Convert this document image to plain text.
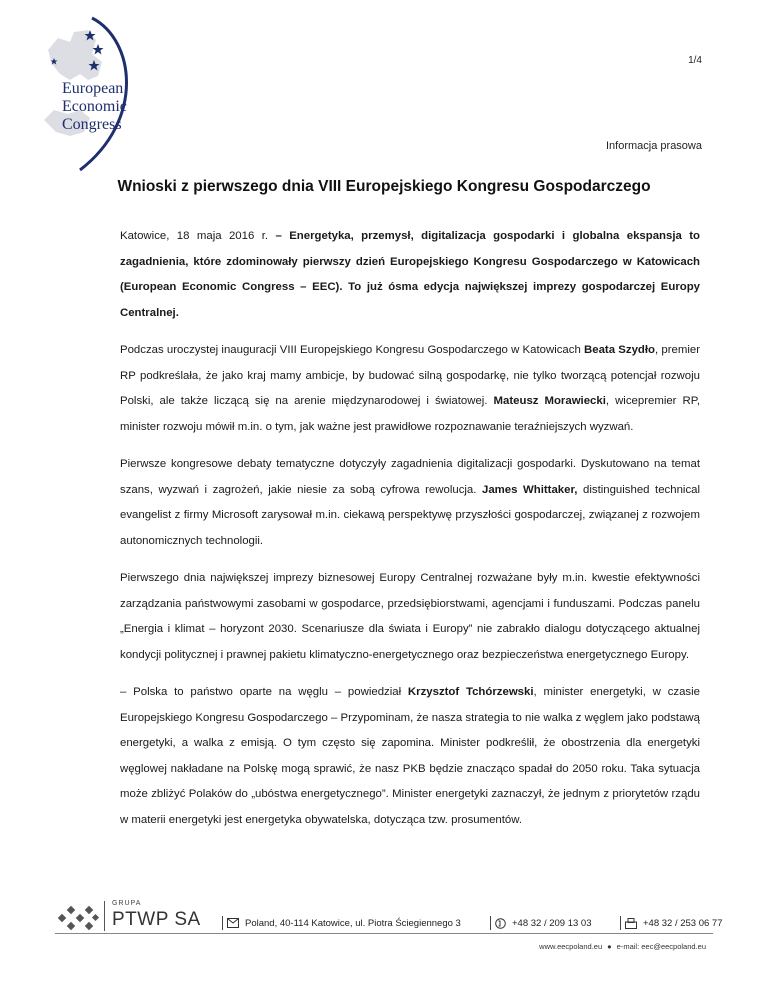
European
Economic
Congress
1/4
Informacja prasowa
Wnioski z pierwszego dnia VIII Europejskiego Kongresu Gospodarczego

Katowice, 18 maja 2016 r. – Energetyka, przemysł, digitalizacja gospodarki i globalna ekspansja to zagadnienia, które zdominowały pierwszy dzień Europejskiego Kongresu Gospodarczego w Katowicach (European Economic Congress – EEC). To już ósma edycja największej imprezy gospodarczej Europy Centralnej.

Podczas uroczystej inauguracji VIII Europejskiego Kongresu Gospodarczego w Katowicach Beata Szydło, premier RP podkreślała, że jako kraj mamy ambicje, by budować silną gospodarkę, nie tylko tworzącą potencjał rozwoju Polski, ale także liczącą się na arenie międzynarodowej i światowej. Mateusz Morawiecki, wicepremier RP, minister rozwoju mówił m.in. o tym, jak ważne jest prawidłowe rozpoznawanie teraźniejszych wyzwań.

Pierwsze kongresowe debaty tematyczne dotyczyły zagadnienia digitalizacji gospodarki. Dyskutowano na temat szans, wyzwań i zagrożeń, jakie niesie za sobą cyfrowa rewolucja. James Whittaker, distinguished technical evangelist z firmy Microsoft zarysował m.in. ciekawą perspektywę przyszłości gospodarczej, związanej z rozwojem autonomicznych technologii.

Pierwszego dnia największej imprezy biznesowej Europy Centralnej rozważane były m.in. kwestie efektywności zarządzania państwowymi zasobami w gospodarce, przedsiębiorstwami, agencjami i funduszami. Podczas panelu „Energia i klimat – horyzont 2030. Scenariusze dla świata i Europy” nie zabrakło dialogu dotyczącego aktualnej kondycji politycznej i prawnej pakietu klimatyczno-energetycznego oraz bezpieczeństwa energetycznego Europy.

– Polska to państwo oparte na węglu – powiedział Krzysztof Tchórzewski, minister energetyki, w czasie Europejskiego Kongresu Gospodarczego – Przypominam, że nasza strategia to nie walka z węglem jako podstawą energetyki, a walka z emisją. O tym często się zapomina. Minister podkreślił, że obostrzenia dla energetyki węglowej nakładane na Polskę mogą sprawić, że nasz PKB będzie znacząco spadał do 2050 roku. Taka sytuacja może zbliżyć Polaków do „ubóstwa energetycznego”. Minister energetyki zaznaczył, że jednym z priorytetów rządu w materii energetyki jest energetyka obywatelska, dotycząca tzw. prosumentów.

GRUPA
PTWP SA	Poland, 40-114 Katowice, ul. Piotra Ściegiennego 3	+48 32 / 209 13 03	+48 32 / 253 06 77
www.eecpoland.eu ● e-mail: eec@eecpoland.eu
